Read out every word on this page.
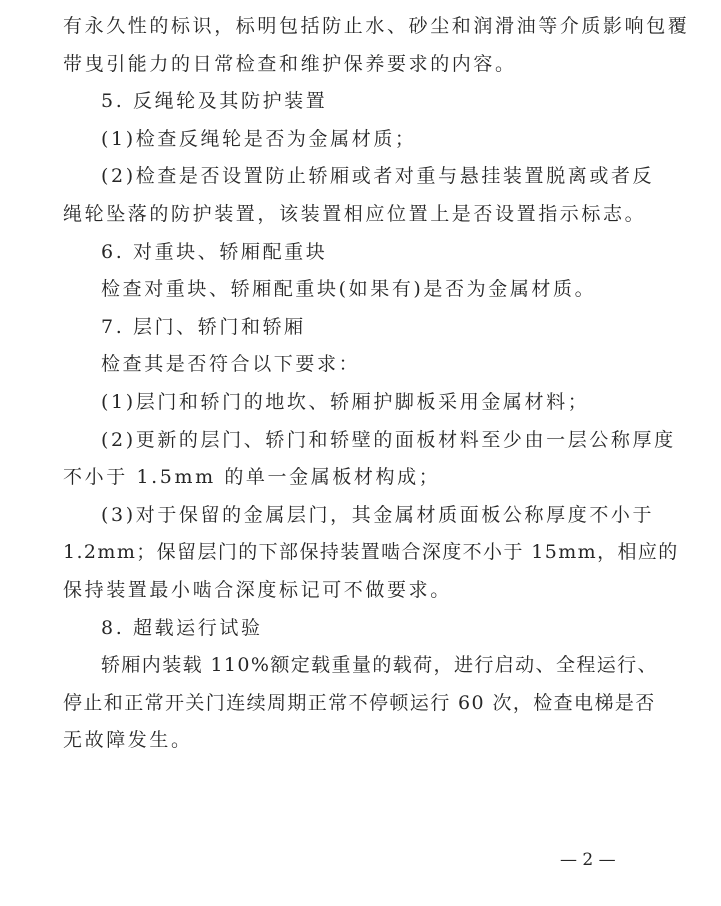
有永久性的标识，标明包括防止水、砂尘和润滑油等介质影响包覆
带曳引能力的日常检查和维护保养要求的内容。
5. 反绳轮及其防护装置
(1)检查反绳轮是否为金属材质；
(2)检查是否设置防止轿厢或者对重与悬挂装置脱离或者反
绳轮坠落的防护装置，该装置相应位置上是否设置指示标志。
6. 对重块、轿厢配重块
检查对重块、轿厢配重块(如果有)是否为金属材质。
7. 层门、轿门和轿厢
检查其是否符合以下要求：
(1)层门和轿门的地坎、轿厢护脚板采用金属材料；
(2)更新的层门、轿门和轿壁的面板材料至少由一层公称厚度
不小于 1.5mm 的单一金属板材构成；
(3)对于保留的金属层门，其金属材质面板公称厚度不小于
1.2mm；保留层门的下部保持装置啮合深度不小于 15mm，相应的
保持装置最小啮合深度标记可不做要求。
8. 超载运行试验
轿厢内装载 110%额定载重量的载荷，进行启动、全程运行、
停止和正常开关门连续周期正常不停顿运行 60 次，检查电梯是否
无故障发生。
— 2 —
